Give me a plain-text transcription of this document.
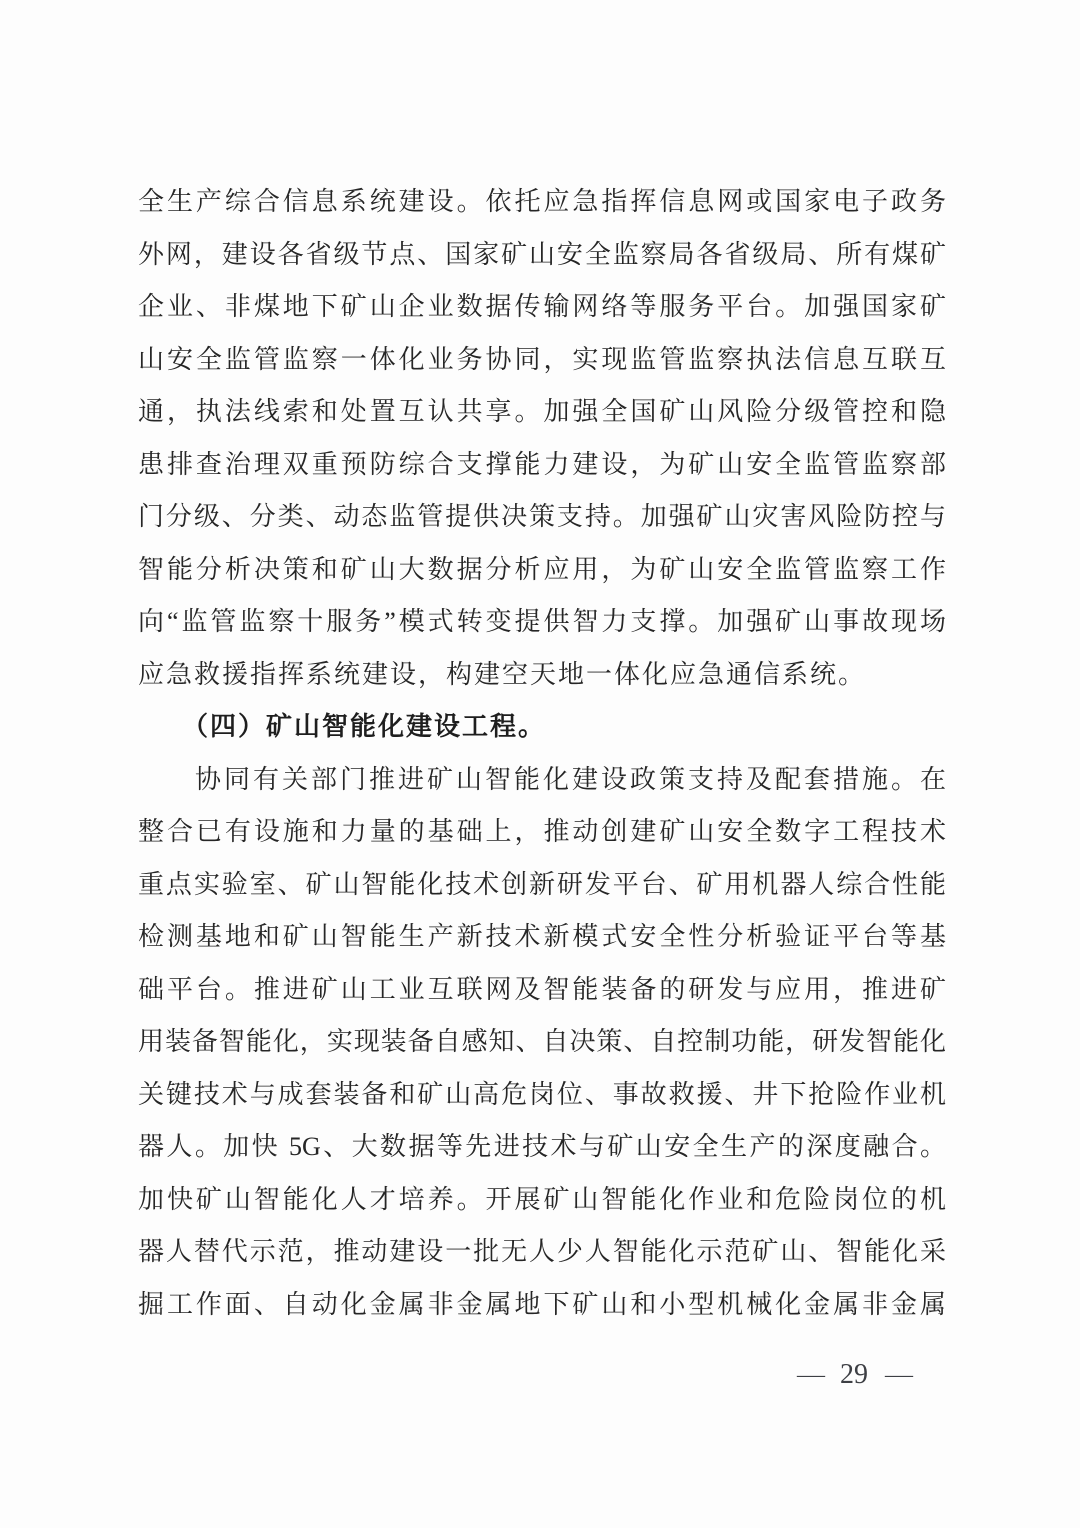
全生产综合信息系统建设。依托应急指挥信息网或国家电子政务
外网，建设各省级节点、国家矿山安全监察局各省级局、所有煤矿
企业、非煤地下矿山企业数据传输网络等服务平台。加强国家矿
山安全监管监察一体化业务协同，实现监管监察执法信息互联互
通，执法线索和处置互认共享。加强全国矿山风险分级管控和隐
患排查治理双重预防综合支撑能力建设，为矿山安全监管监察部
门分级、分类、动态监管提供决策支持。加强矿山灾害风险防控与
智能分析决策和矿山大数据分析应用，为矿山安全监管监察工作
向“监管监察十服务”模式转变提供智力支撑。加强矿山事故现场
应急救援指挥系统建设，构建空天地一体化应急通信系统。
（四）矿山智能化建设工程。
协同有关部门推进矿山智能化建设政策支持及配套措施。在
整合已有设施和力量的基础上，推动创建矿山安全数字工程技术
重点实验室、矿山智能化技术创新研发平台、矿用机器人综合性能
检测基地和矿山智能生产新技术新模式安全性分析验证平台等基
础平台。推进矿山工业互联网及智能装备的研发与应用，推进矿
用装备智能化，实现装备自感知、自决策、自控制功能，研发智能化
关键技术与成套装备和矿山高危岗位、事故救援、井下抢险作业机
器人。加快 5G、大数据等先进技术与矿山安全生产的深度融合。
加快矿山智能化人才培养。开展矿山智能化作业和危险岗位的机
器人替代示范，推动建设一批无人少人智能化示范矿山、智能化采
掘工作面、自动化金属非金属地下矿山和小型机械化金属非金属
— 29 —
